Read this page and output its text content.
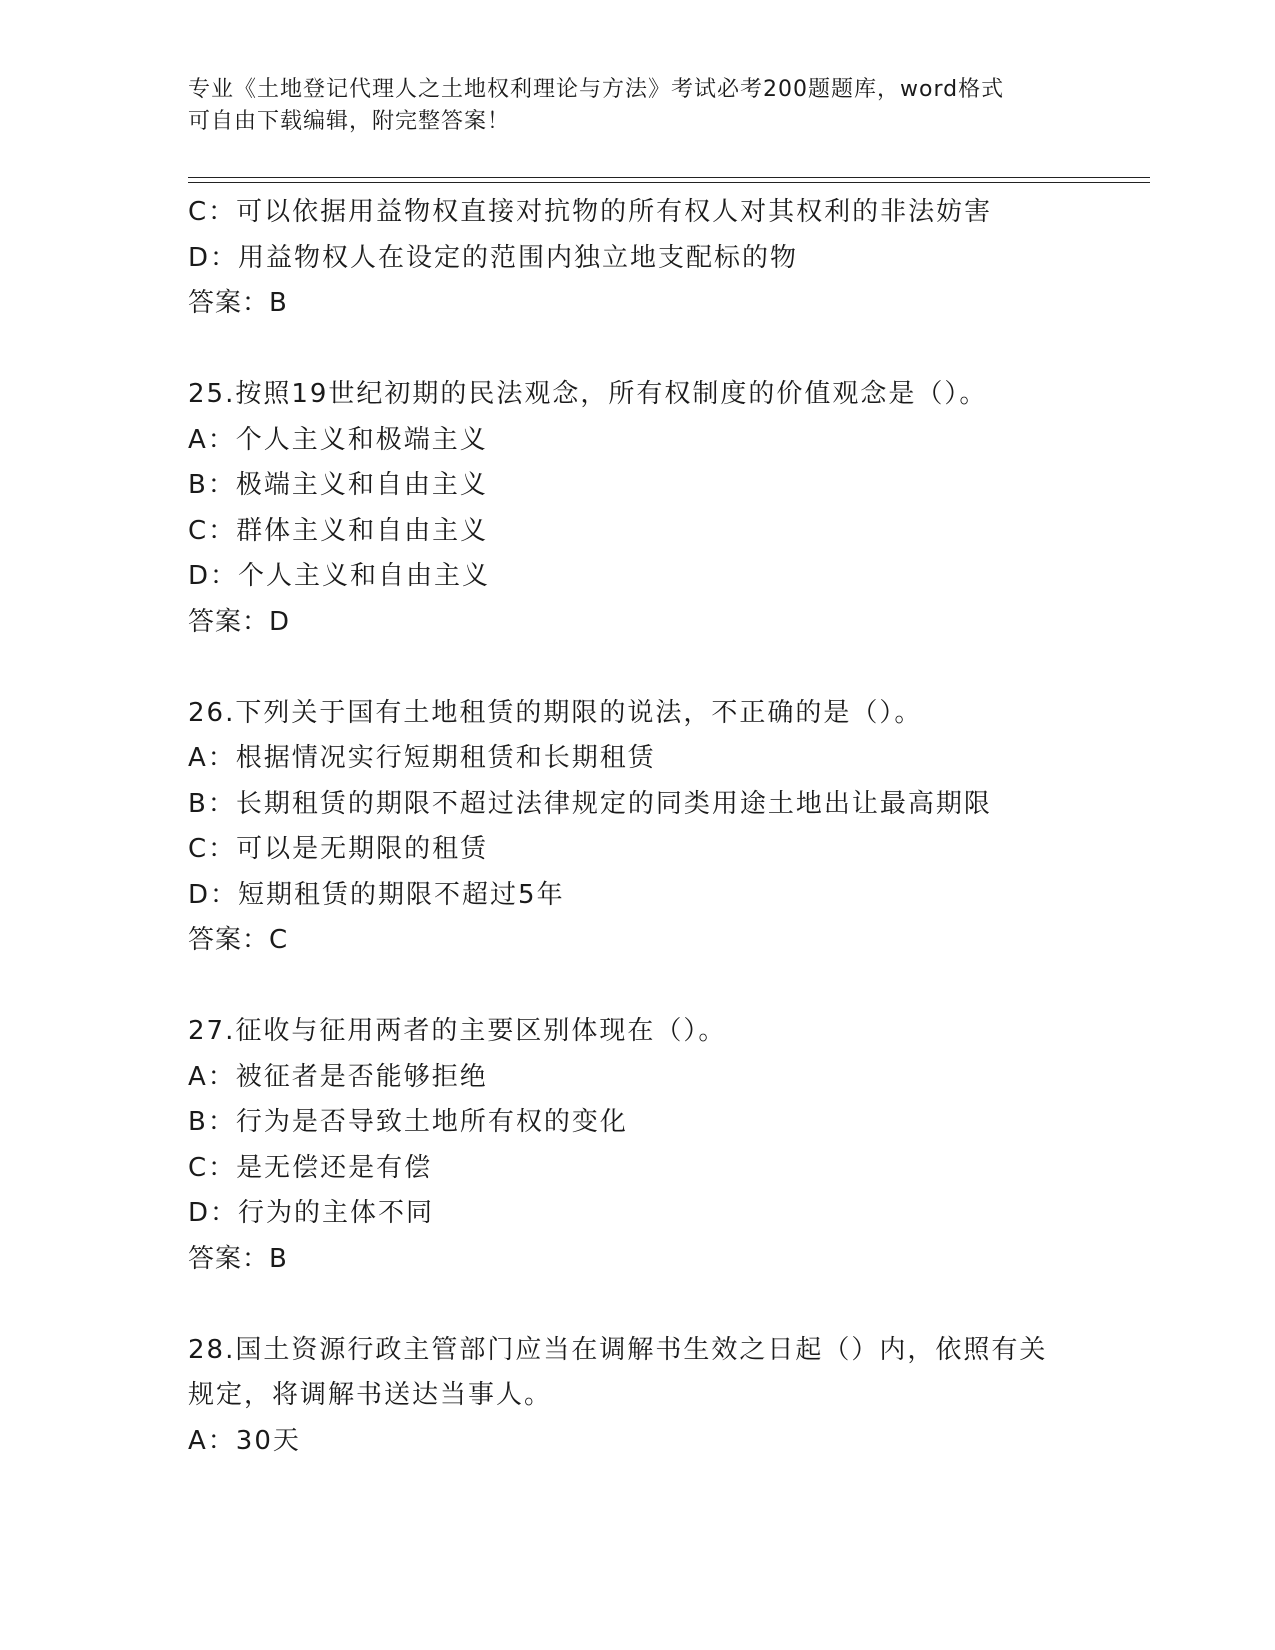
专业《土地登记代理人之土地权利理论与方法》考试必考200题题库，word格式
可自由下载编辑，附完整答案！
C：可以依据用益物权直接对抗物的所有权人对其权利的非法妨害
D：用益物权人在设定的范围内独立地支配标的物
答案：B
25.按照19世纪初期的民法观念，所有权制度的价值观念是（）。
A：个人主义和极端主义
B：极端主义和自由主义
C：群体主义和自由主义
D：个人主义和自由主义
答案：D
26.下列关于国有土地租赁的期限的说法，不正确的是（）。
A：根据情况实行短期租赁和长期租赁
B：长期租赁的期限不超过法律规定的同类用途土地出让最高期限
C：可以是无期限的租赁
D：短期租赁的期限不超过5年
答案：C
27.征收与征用两者的主要区别体现在（）。
A：被征者是否能够拒绝
B：行为是否导致土地所有权的变化
C：是无偿还是有偿
D：行为的主体不同
答案：B
28.国土资源行政主管部门应当在调解书生效之日起（）内，依照有关
规定，将调解书送达当事人。
A：30天
